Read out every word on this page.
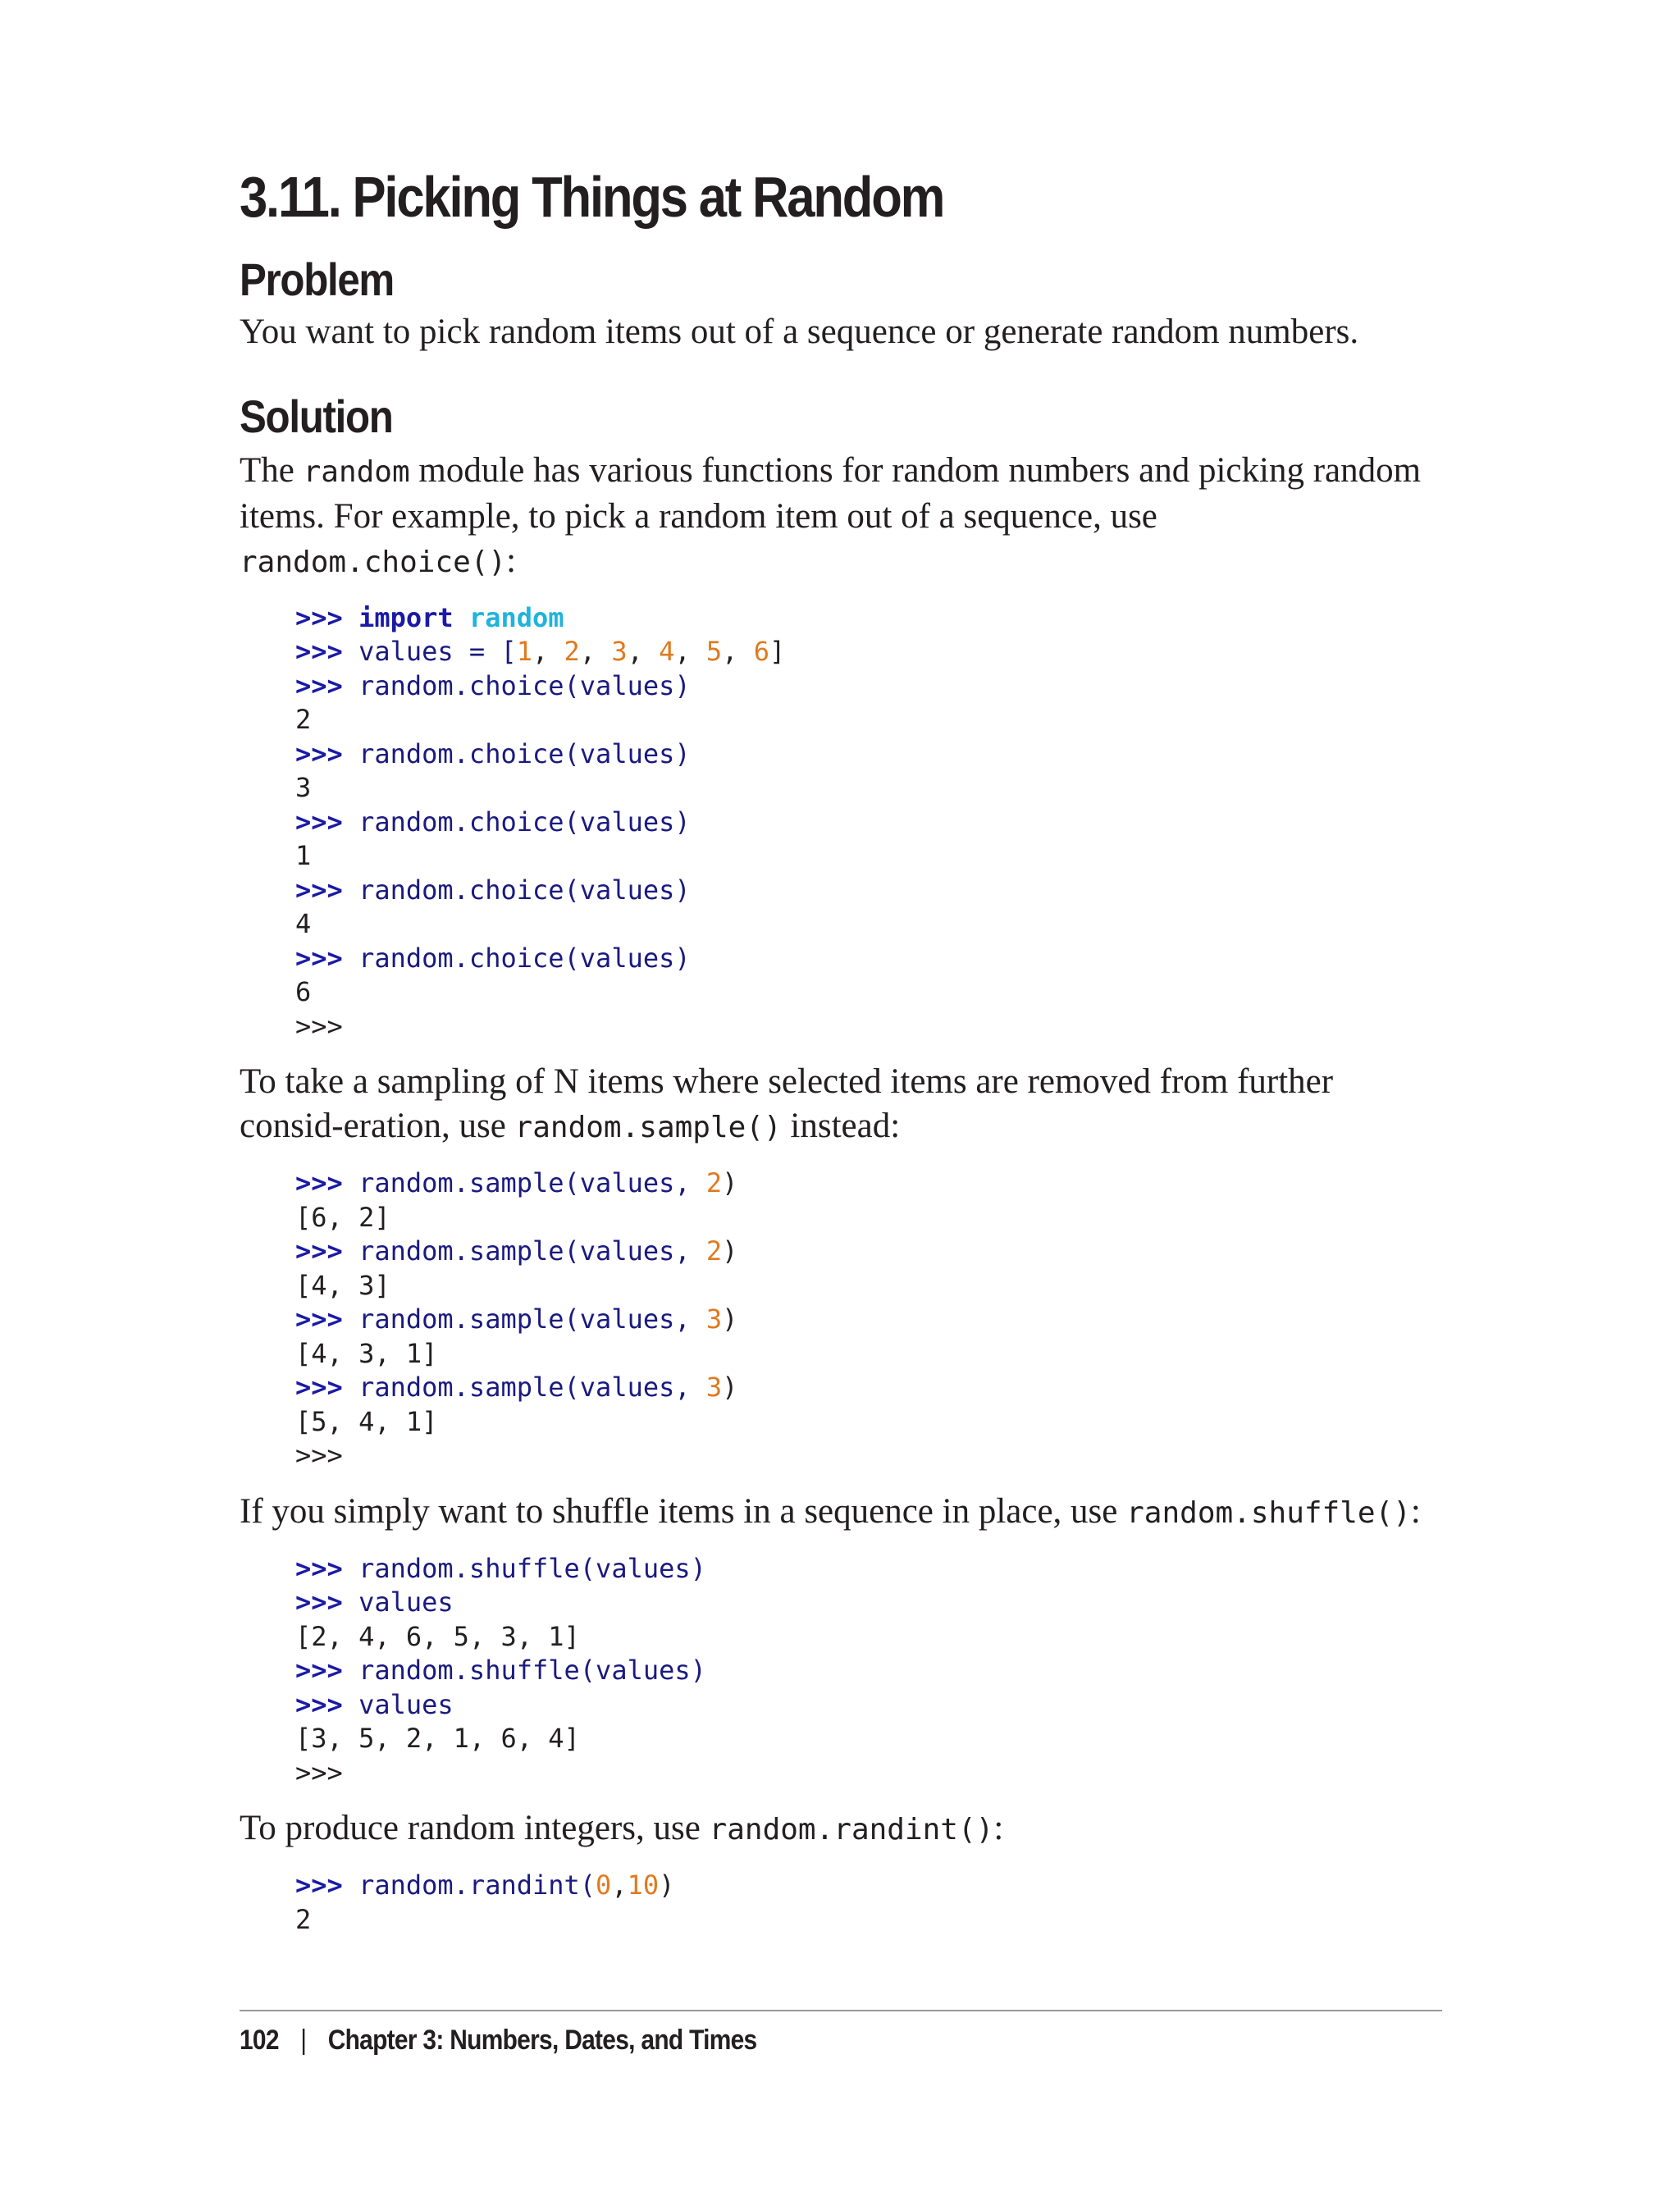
3.11. Picking Things at Random
Problem

You want to pick random items out of a sequence or generate random numbers.

Solution

The random module has various functions for random numbers and picking random items. For example, to pick a random item out of a sequence, use random.choice():

>>> import random
>>> values = [1, 2, 3, 4, 5, 6]
>>> random.choice(values)
2
>>> random.choice(values)
3
>>> random.choice(values)
1
>>> random.choice(values)
4
>>> random.choice(values)
6
>>>

To take a sampling of N items where selected items are removed from further consid-eration, use random.sample() instead:

>>> random.sample(values, 2)
[6, 2]
>>> random.sample(values, 2)
[4, 3]
>>> random.sample(values, 3)
[4, 3, 1]
>>> random.sample(values, 3)
[5, 4, 1]
>>>

If you simply want to shuffle items in a sequence in place, use random.shuffle():

>>> random.shuffle(values)
>>> values
[2, 4, 6, 5, 3, 1]
>>> random.shuffle(values)
>>> values
[3, 5, 2, 1, 6, 4]
>>>

To produce random integers, use random.randint():

>>> random.randint(0,10)
2
102 | Chapter 3: Numbers, Dates, and Times
